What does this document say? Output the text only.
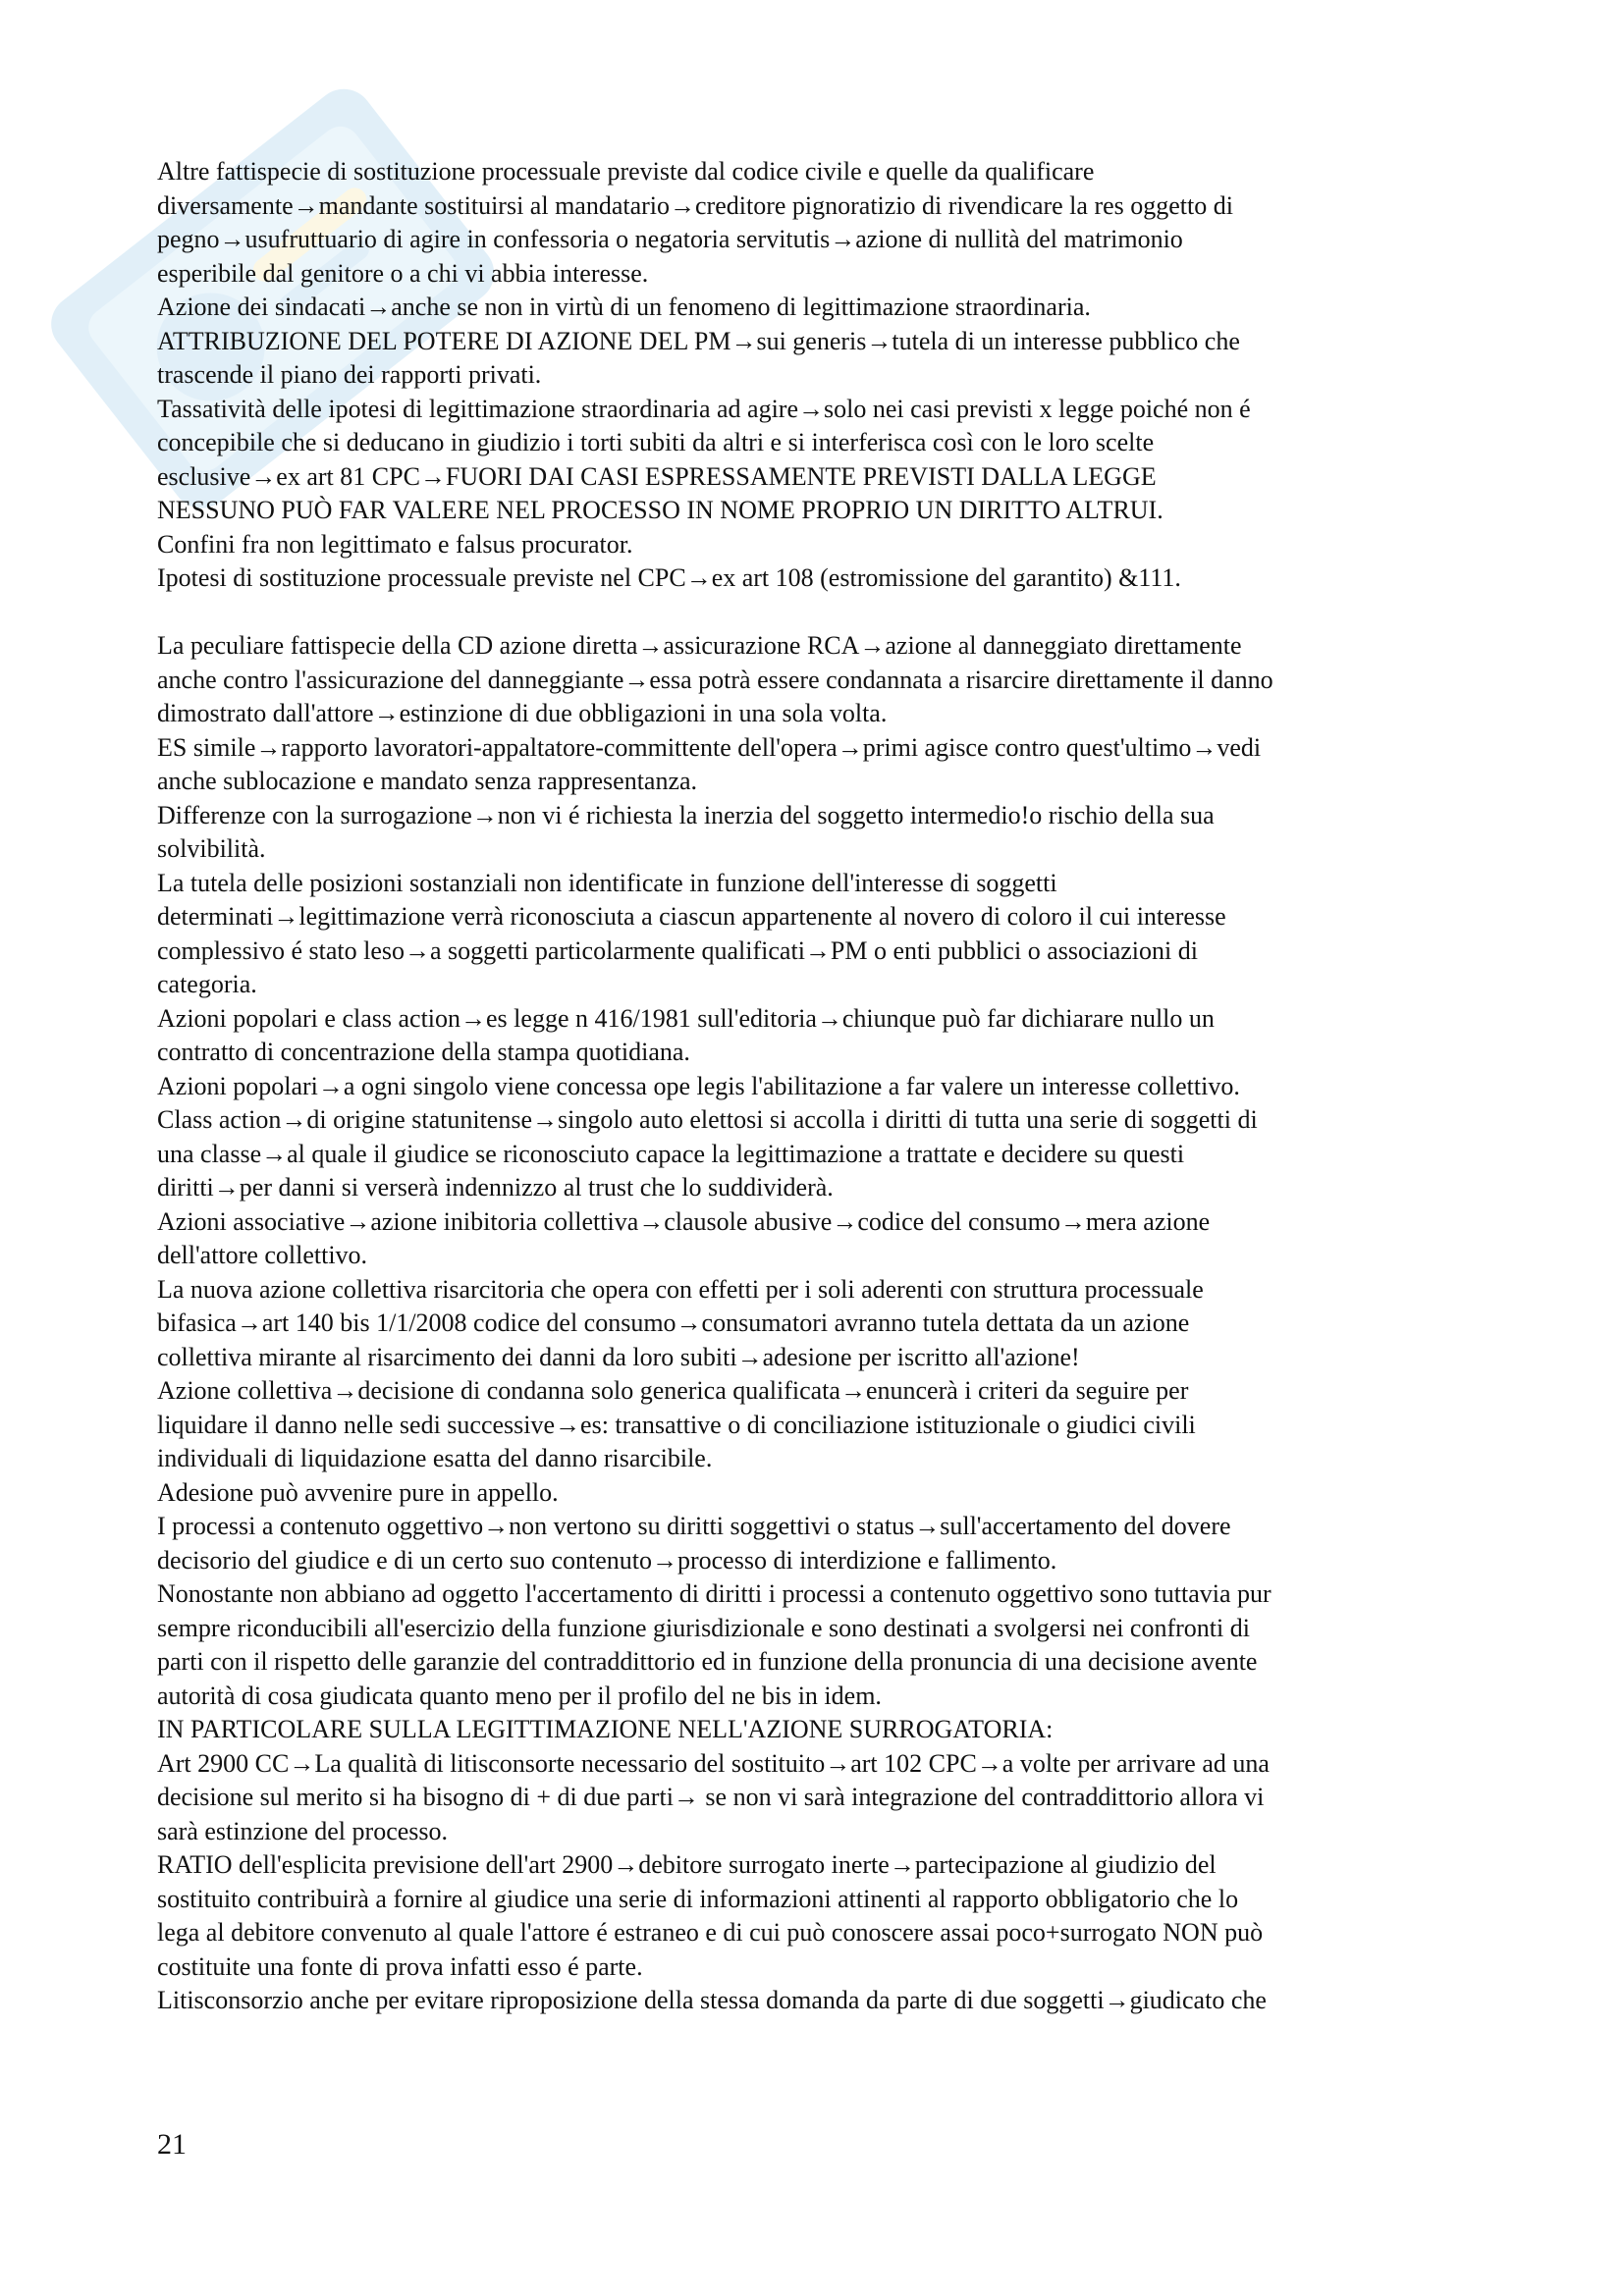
Altre fattispecie di sostituzione processuale previste dal codice civile e quelle da qualificare

diversamente→mandante sostituirsi al mandatario→creditore pignoratizio di rivendicare la res oggetto di

pegno→usufruttuario di agire in confessoria o negatoria servitutis→azione di nullità del matrimonio

esperibile dal genitore o a chi vi abbia interesse.

Azione dei sindacati→anche se non in virtù di un fenomeno di legittimazione straordinaria.

ATTRIBUZIONE DEL POTERE DI AZIONE DEL PM→sui generis→tutela di un interesse pubblico che

trascende il piano dei rapporti privati.

Tassatività delle ipotesi di legittimazione straordinaria ad agire→solo nei casi previsti x legge poiché non é

concepibile che si deducano in giudizio i torti subiti da altri e si interferisca così con le loro scelte

esclusive→ex art 81 CPC→FUORI DAI CASI ESPRESSAMENTE PREVISTI DALLA LEGGE

NESSUNO PUÒ FAR VALERE NEL PROCESSO IN NOME PROPRIO UN DIRITTO ALTRUI.

Confini fra non legittimato e falsus procurator.

Ipotesi di sostituzione processuale previste nel CPC→ex art 108 (estromissione del garantito) &111.

La peculiare fattispecie della CD azione diretta→assicurazione RCA→azione al danneggiato direttamente

anche contro l'assicurazione del danneggiante→essa potrà essere condannata a risarcire direttamente il danno

dimostrato dall'attore→estinzione di due obbligazioni in una sola volta.

ES simile→rapporto lavoratori-appaltatore-committente dell'opera→primi agisce contro quest'ultimo→vedi

anche sublocazione e mandato senza rappresentanza.

Differenze con la surrogazione→non vi é richiesta la inerzia del soggetto intermedio!o rischio della sua

solvibilità.

La tutela delle posizioni sostanziali non identificate in funzione dell'interesse di soggetti

determinati→legittimazione verrà riconosciuta a ciascun appartenente al novero di coloro il cui interesse

complessivo é stato leso→a soggetti particolarmente qualificati→PM o enti pubblici o associazioni di

categoria.

Azioni popolari e class action→es legge n 416/1981 sull'editoria→chiunque può far dichiarare nullo un

contratto di concentrazione della stampa quotidiana.

Azioni popolari→a ogni singolo viene concessa ope legis l'abilitazione a far valere un interesse collettivo.

Class action→di origine statunitense→singolo auto elettosi si accolla i diritti di tutta una serie di soggetti di

una classe→al quale il giudice se riconosciuto capace la legittimazione a trattate e decidere su questi

diritti→per danni si verserà indennizzo al trust che lo suddividerà.

Azioni associative→azione inibitoria collettiva→clausole abusive→codice del consumo→mera azione

dell'attore collettivo.

La nuova azione collettiva risarcitoria che opera con effetti per i soli aderenti con struttura processuale

bifasica→art 140 bis 1/1/2008 codice del consumo→consumatori avranno tutela dettata da un azione

collettiva mirante al risarcimento dei danni da loro subiti→adesione per iscritto all'azione!

Azione collettiva→decisione di condanna solo generica qualificata→enuncerà i criteri da seguire per

liquidare il danno nelle sedi successive→es: transattive o di conciliazione istituzionale o giudici civili

individuali di liquidazione esatta del danno risarcibile.

Adesione può avvenire pure in appello.

I processi a contenuto oggettivo→non vertono su diritti soggettivi o status→sull'accertamento del dovere

decisorio del giudice e di un certo suo contenuto→processo di interdizione e fallimento.

Nonostante non abbiano ad oggetto l'accertamento di diritti i processi a contenuto oggettivo sono tuttavia pur

sempre riconducibili all'esercizio della funzione giurisdizionale e sono destinati a svolgersi nei confronti di

parti con il rispetto delle garanzie del contraddittorio ed in funzione della pronuncia di una decisione avente

autorità di cosa giudicata quanto meno per il profilo del ne bis in idem.

IN PARTICOLARE SULLA LEGITTIMAZIONE NELL'AZIONE SURROGATORIA:

Art 2900 CC→La qualità di litisconsorte necessario del sostituito→art 102 CPC→a volte per arrivare ad una

decisione sul merito si ha bisogno di + di due parti→ se non vi sarà integrazione del contraddittorio allora vi

sarà estinzione del processo.

RATIO dell'esplicita previsione dell'art 2900→debitore surrogato inerte→partecipazione al giudizio del

sostituito contribuirà a fornire al giudice una serie di informazioni attinenti al rapporto obbligatorio che lo

lega al debitore convenuto al quale l'attore é estraneo e di cui può conoscere assai poco+surrogato NON può

costituite una fonte di prova infatti esso é parte.

Litisconsorzio anche per evitare riproposizione della stessa domanda da parte di due soggetti→giudicato che

21
